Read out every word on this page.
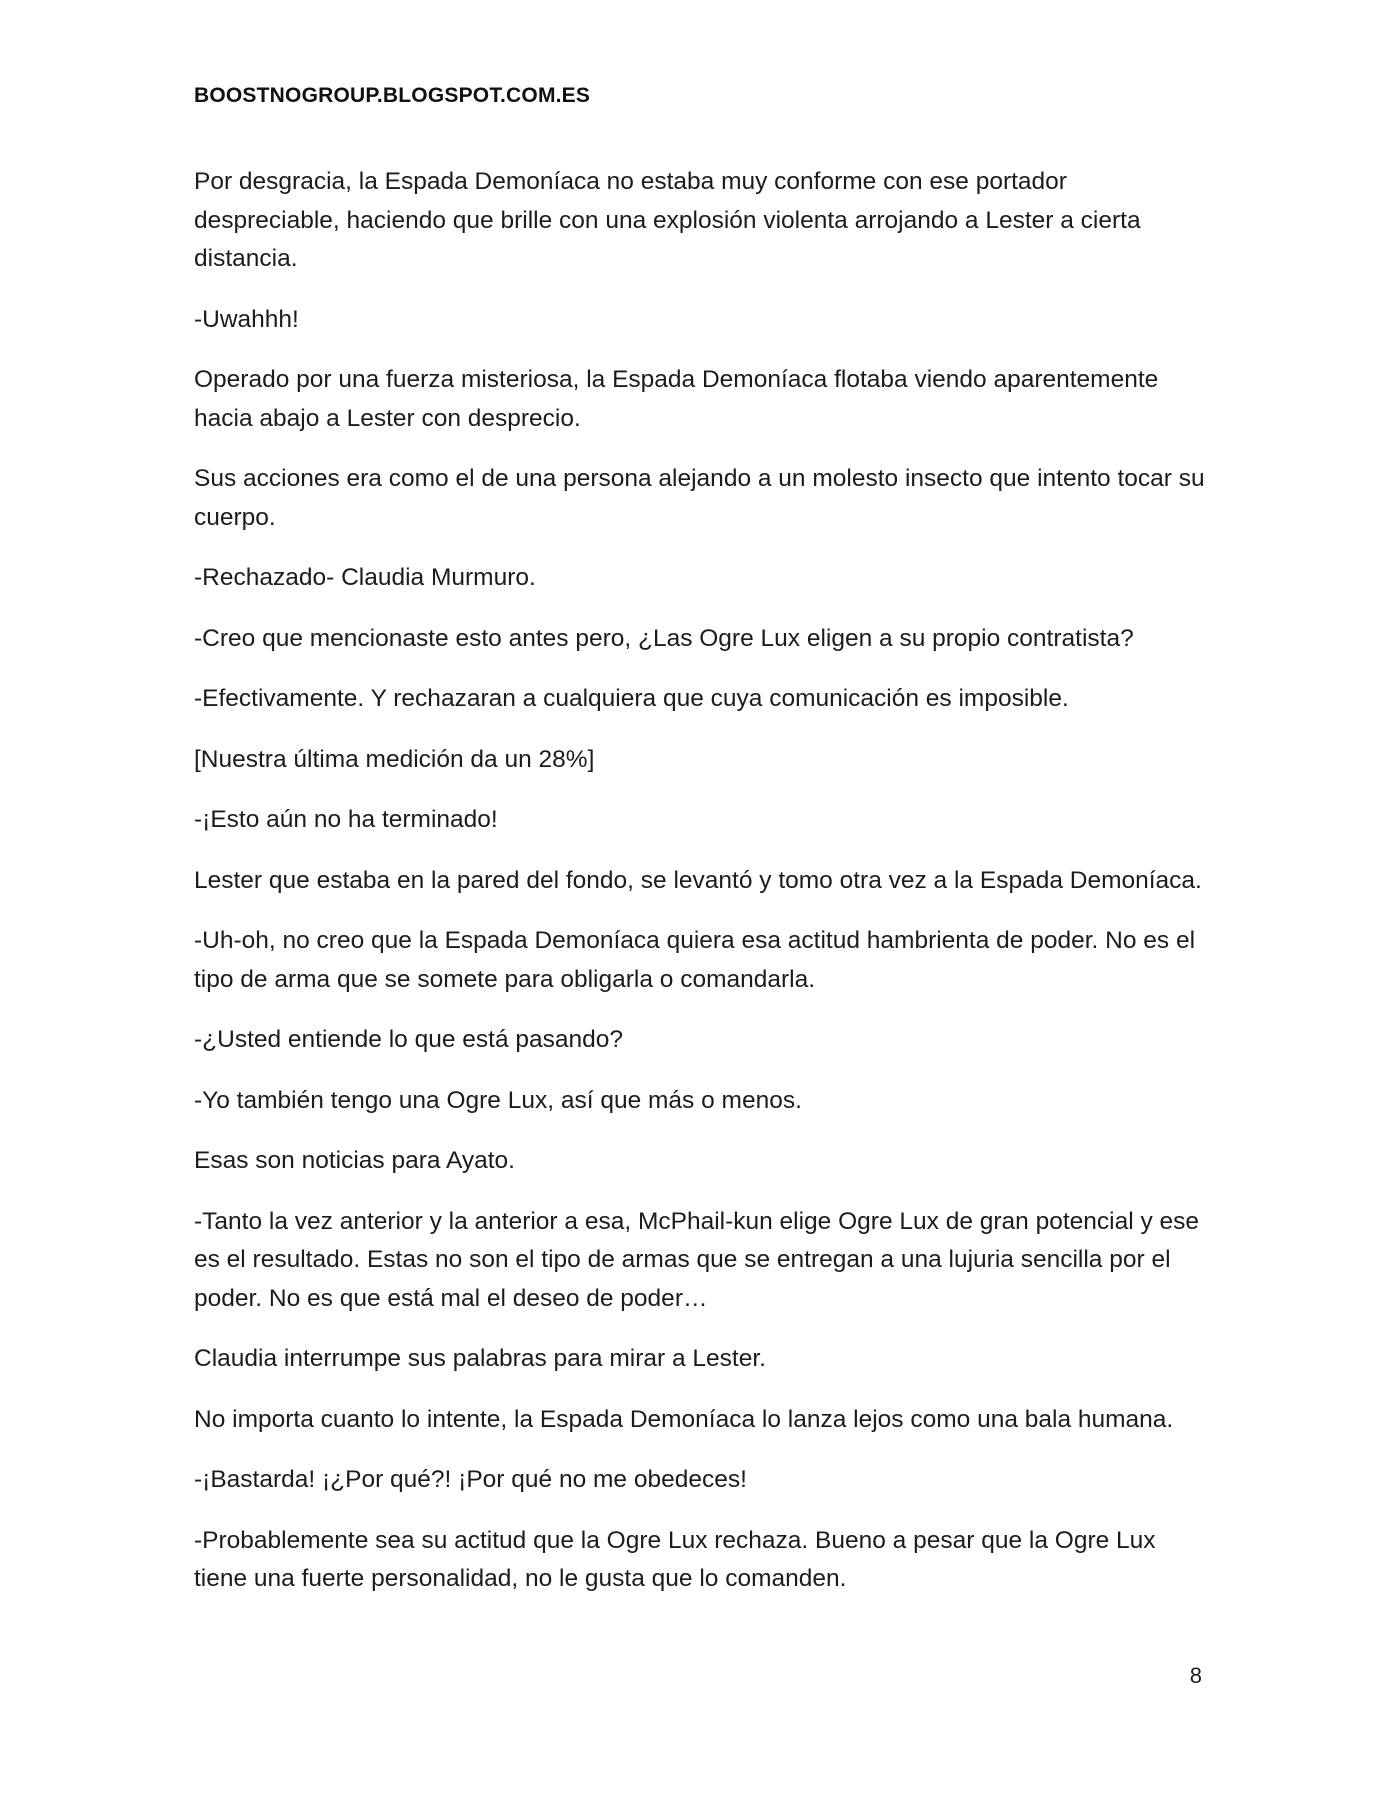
BOOSTNOGROUP.BLOGSPOT.COM.ES

Por desgracia, la Espada Demoníaca no estaba muy conforme con ese portador despreciable, haciendo que brille con una explosión violenta arrojando a Lester a cierta distancia.

-Uwahhh!

Operado por una fuerza misteriosa, la Espada Demoníaca flotaba viendo aparentemente hacia abajo a Lester con desprecio.

Sus acciones era como el de una persona alejando a un molesto insecto que intento tocar su cuerpo.

-Rechazado- Claudia Murmuro.

-Creo que mencionaste esto antes pero, ¿Las Ogre Lux eligen a su propio contratista?

-Efectivamente. Y rechazaran a cualquiera que cuya comunicación es imposible.

[Nuestra última medición da un 28%]

-¡Esto aún no ha terminado!

Lester que estaba en la pared del fondo, se levantó y tomo otra vez a la Espada Demoníaca.

-Uh-oh, no creo que la Espada Demoníaca quiera esa actitud hambrienta de poder. No es el tipo de arma que se somete para obligarla o comandarla.

-¿Usted entiende lo que está pasando?

-Yo también tengo una Ogre Lux, así que más o menos.

Esas son noticias para Ayato.

-Tanto la vez anterior y la anterior a esa, McPhail-kun elige Ogre Lux de gran potencial y ese es el resultado. Estas no son el tipo de armas que se entregan a una lujuria sencilla por el poder. No es que está mal el deseo de poder…

Claudia interrumpe sus palabras para mirar a Lester.

No importa cuanto lo intente, la Espada Demoníaca lo lanza lejos como una bala humana.

-¡Bastarda! ¡¿Por qué?! ¡Por qué no me obedeces!

-Probablemente sea su actitud que la Ogre Lux rechaza. Bueno a pesar que la Ogre Lux tiene una fuerte personalidad, no le gusta que lo comanden.

8
